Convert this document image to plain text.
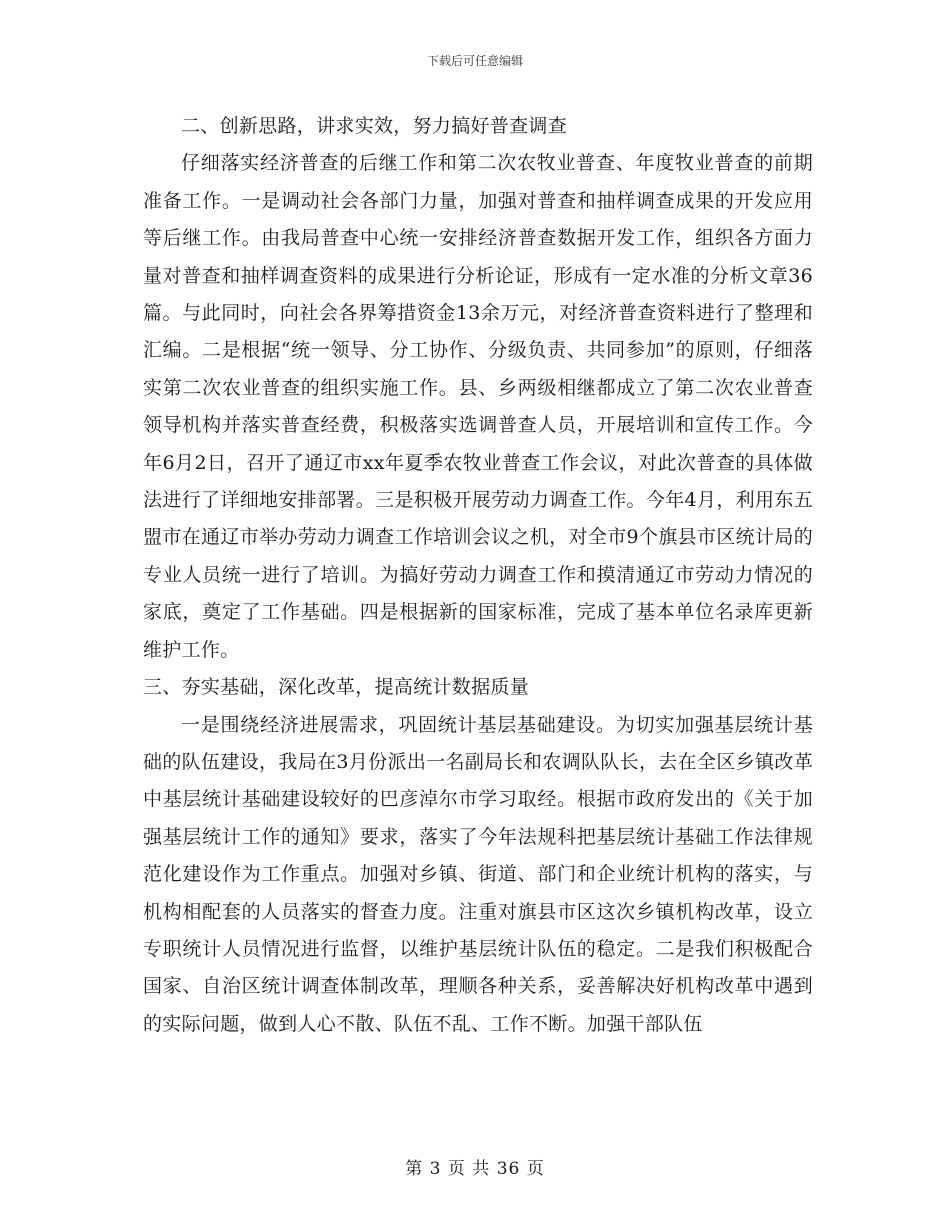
下载后可任意编辑

二、创新思路，讲求实效，努力搞好普查调查

仔细落实经济普查的后继工作和第二次农牧业普查、年度牧业普查的前期准备工作。一是调动社会各部门力量，加强对普查和抽样调查成果的开发应用等后继工作。由我局普查中心统一安排经济普查数据开发工作，组织各方面力量对普查和抽样调查资料的成果进行分析论证，形成有一定水准的分析文章36篇。与此同时，向社会各界筹措资金13余万元，对经济普查资料进行了整理和汇编。二是根据“统一领导、分工协作、分级负责、共同参加”的原则，仔细落实第二次农业普查的组织实施工作。县、乡两级相继都成立了第二次农业普查领导机构并落实普查经费，积极落实选调普查人员，开展培训和宣传工作。今年6月2日，召开了通辽市xx年夏季农牧业普查工作会议，对此次普查的具体做法进行了详细地安排部署。三是积极开展劳动力调查工作。今年4月，利用东五盟市在通辽市举办劳动力调查工作培训会议之机，对全市9个旗县市区统计局的专业人员统一进行了培训。为搞好劳动力调查工作和摸清通辽市劳动力情况的家底，奠定了工作基础。四是根据新的国家标准，完成了基本单位名录库更新维护工作。

三、夯实基础，深化改革，提高统计数据质量

一是围绕经济进展需求，巩固统计基层基础建设。为切实加强基层统计基础的队伍建设，我局在3月份派出一名副局长和农调队队长，去在全区乡镇改革中基层统计基础建设较好的巴彦淖尔市学习取经。根据市政府发出的《关于加强基层统计工作的通知》要求，落实了今年法规科把基层统计基础工作法律规范化建设作为工作重点。加强对乡镇、街道、部门和企业统计机构的落实，与机构相配套的人员落实的督查力度。注重对旗县市区这次乡镇机构改革，设立专职统计人员情况进行监督，以维护基层统计队伍的稳定。二是我们积极配合国家、自治区统计调查体制改革，理顺各种关系，妥善解决好机构改革中遇到的实际问题，做到人心不散、队伍不乱、工作不断。加强干部队伍

第 3 页 共 36 页
